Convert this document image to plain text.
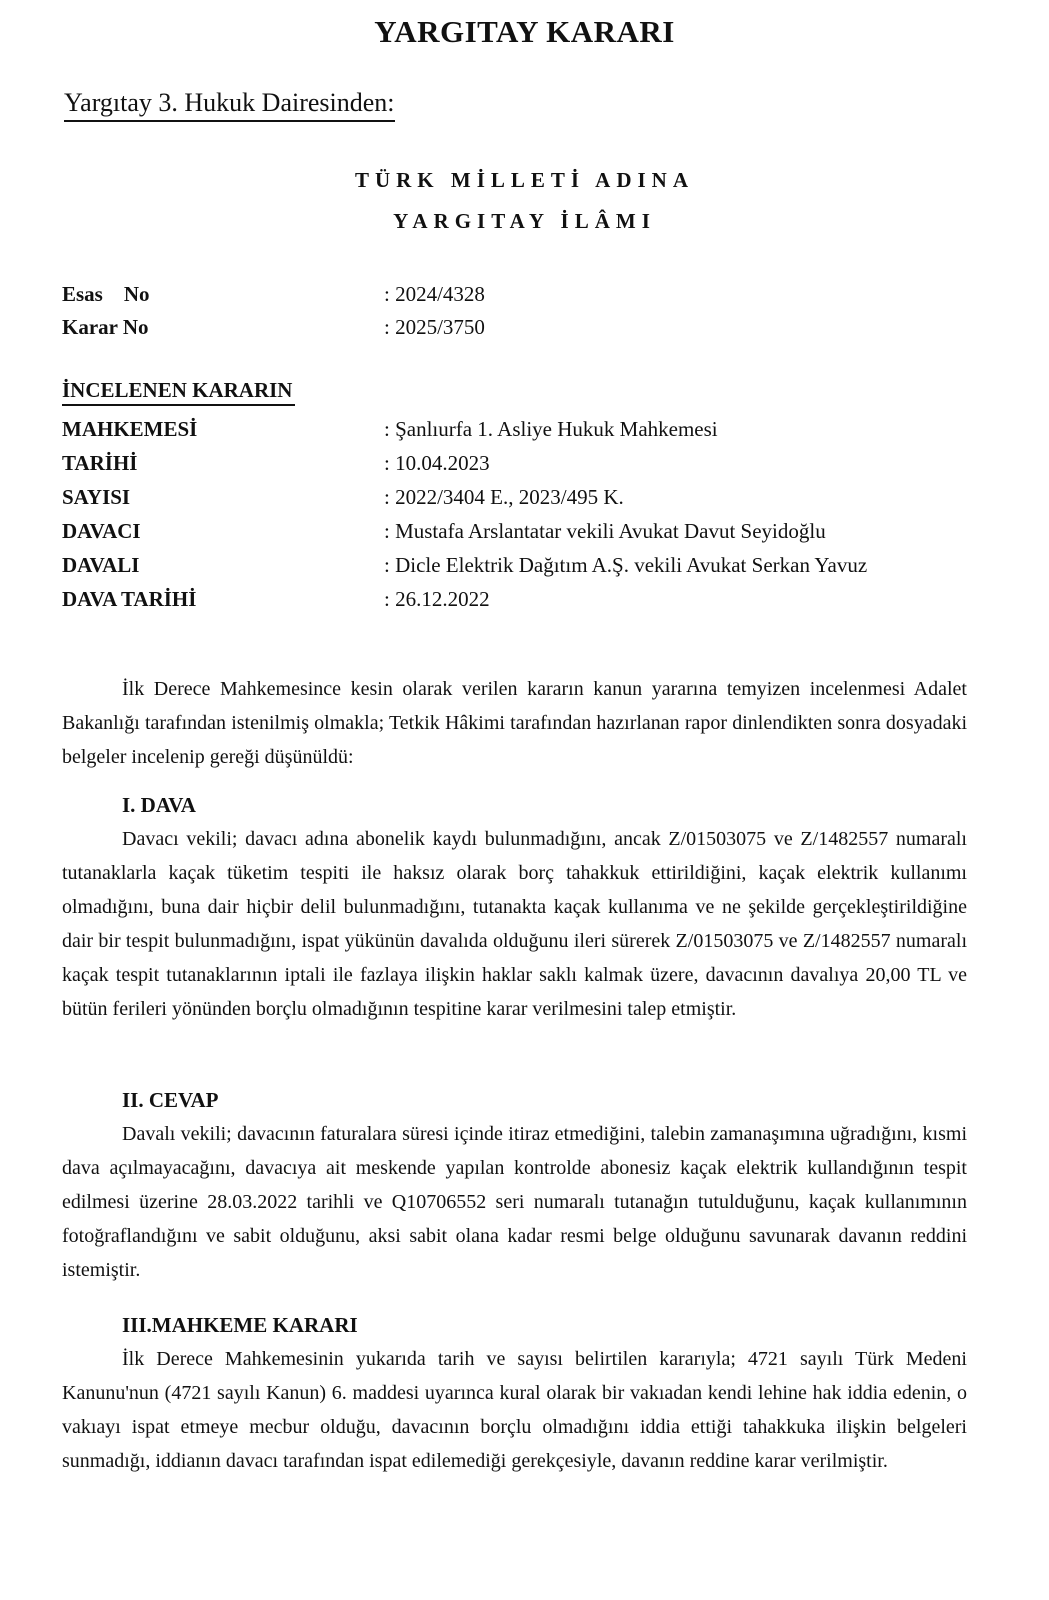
YARGITAY KARARI
Yargıtay 3. Hukuk Dairesinden:
TÜRK MİLLETİ ADINA
YARGITAY İLÂMI
Esas    No	: 2024/4328
Karar No	: 2025/3750
İNCELENEN KARARIN
MAHKEMESİ	: Şanlıurfa 1. Asliye Hukuk Mahkemesi
TARİHİ	: 10.04.2023
SAYISI	: 2022/3404 E., 2023/495 K.
DAVACI	: Mustafa Arslantatar vekili Avukat Davut Seyidoğlu
DAVALI	: Dicle Elektrik Dağıtım A.Ş. vekili Avukat Serkan Yavuz
DAVA TARİHİ	: 26.12.2022

İlk Derece Mahkemesince kesin olarak verilen kararın kanun yararına temyizen incelenmesi Adalet Bakanlığı tarafından istenilmiş olmakla; Tetkik Hâkimi tarafından hazırlanan rapor dinlendikten sonra dosyadaki belgeler incelenip gereği düşünüldü:

I. DAVA

Davacı vekili; davacı adına abonelik kaydı bulunmadığını, ancak Z/01503075 ve Z/1482557 numaralı tutanaklarla kaçak tüketim tespiti ile haksız olarak borç tahakkuk ettirildiğini, kaçak elektrik kullanımı olmadığını, buna dair hiçbir delil bulunmadığını, tutanakta kaçak kullanıma ve ne şekilde gerçekleştirildiğine dair bir tespit bulunmadığını, ispat yükünün davalıda olduğunu ileri sürerek Z/01503075 ve Z/1482557 numaralı kaçak tespit tutanaklarının iptali ile fazlaya ilişkin haklar saklı kalmak üzere, davacının davalıya 20,00 TL ve bütün ferileri yönünden borçlu olmadığının tespitine karar verilmesini talep etmiştir.

II. CEVAP

Davalı vekili; davacının faturalara süresi içinde itiraz etmediğini, talebin zamanaşımına uğradığını, kısmi dava açılmayacağını, davacıya ait meskende yapılan kontrolde abonesiz kaçak elektrik kullandığının tespit edilmesi üzerine 28.03.2022 tarihli ve Q10706552 seri numaralı tutanağın tutulduğunu, kaçak kullanımının fotoğraflandığını ve sabit olduğunu, aksi sabit olana kadar resmi belge olduğunu savunarak davanın reddini istemiştir.

III.MAHKEME KARARI

İlk Derece Mahkemesinin yukarıda tarih ve sayısı belirtilen kararıyla; 4721 sayılı Türk Medeni Kanunu'nun (4721 sayılı Kanun) 6. maddesi uyarınca kural olarak bir vakıadan kendi lehine hak iddia edenin, o vakıayı ispat etmeye mecbur olduğu, davacının borçlu olmadığını iddia ettiği tahakkuka ilişkin belgeleri sunmadığı, iddianın davacı tarafından ispat edilemediği gerekçesiyle, davanın reddine karar verilmiştir.
